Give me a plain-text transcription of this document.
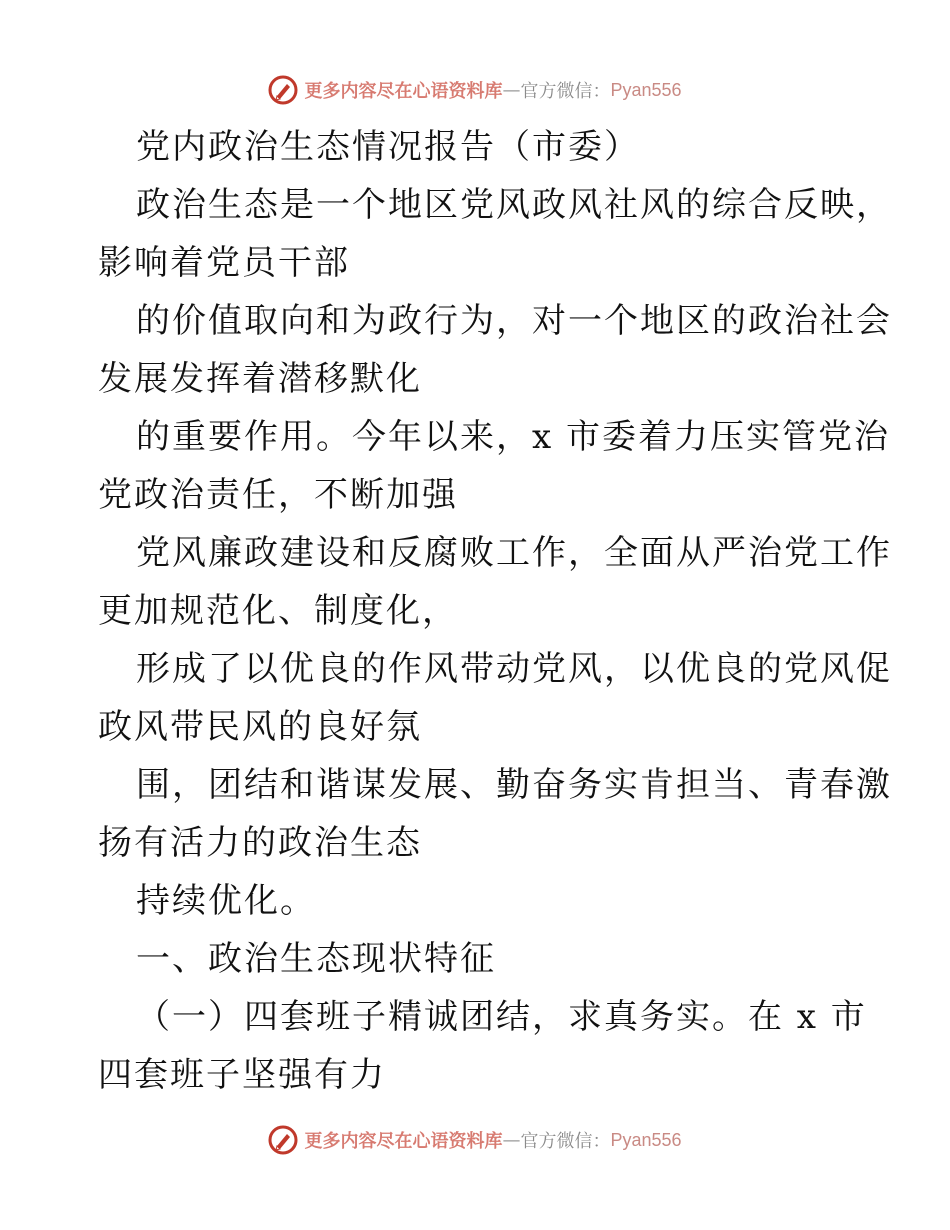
更多内容尽在心语资料库 — 官方微信： Pyan556
党内政治生态情况报告（市委）
政治生态是一个地区党风政风社风的综合反映，
影响着党员干部
的价值取向和为政行为，对一个地区的政治社会
发展发挥着潜移默化
的重要作用。今年以来，x 市委着力压实管党治
党政治责任，不断加强
党风廉政建设和反腐败工作，全面从严治党工作
更加规范化、制度化，
形成了以优良的作风带动党风，以优良的党风促
政风带民风的良好氛
围，团结和谐谋发展、勤奋务实肯担当、青春激
扬有活力的政治生态
持续优化。
一、政治生态现状特征
（一）四套班子精诚团结，求真务实。在 x 市
四套班子坚强有力
更多内容尽在心语资料库 — 官方微信： Pyan556
